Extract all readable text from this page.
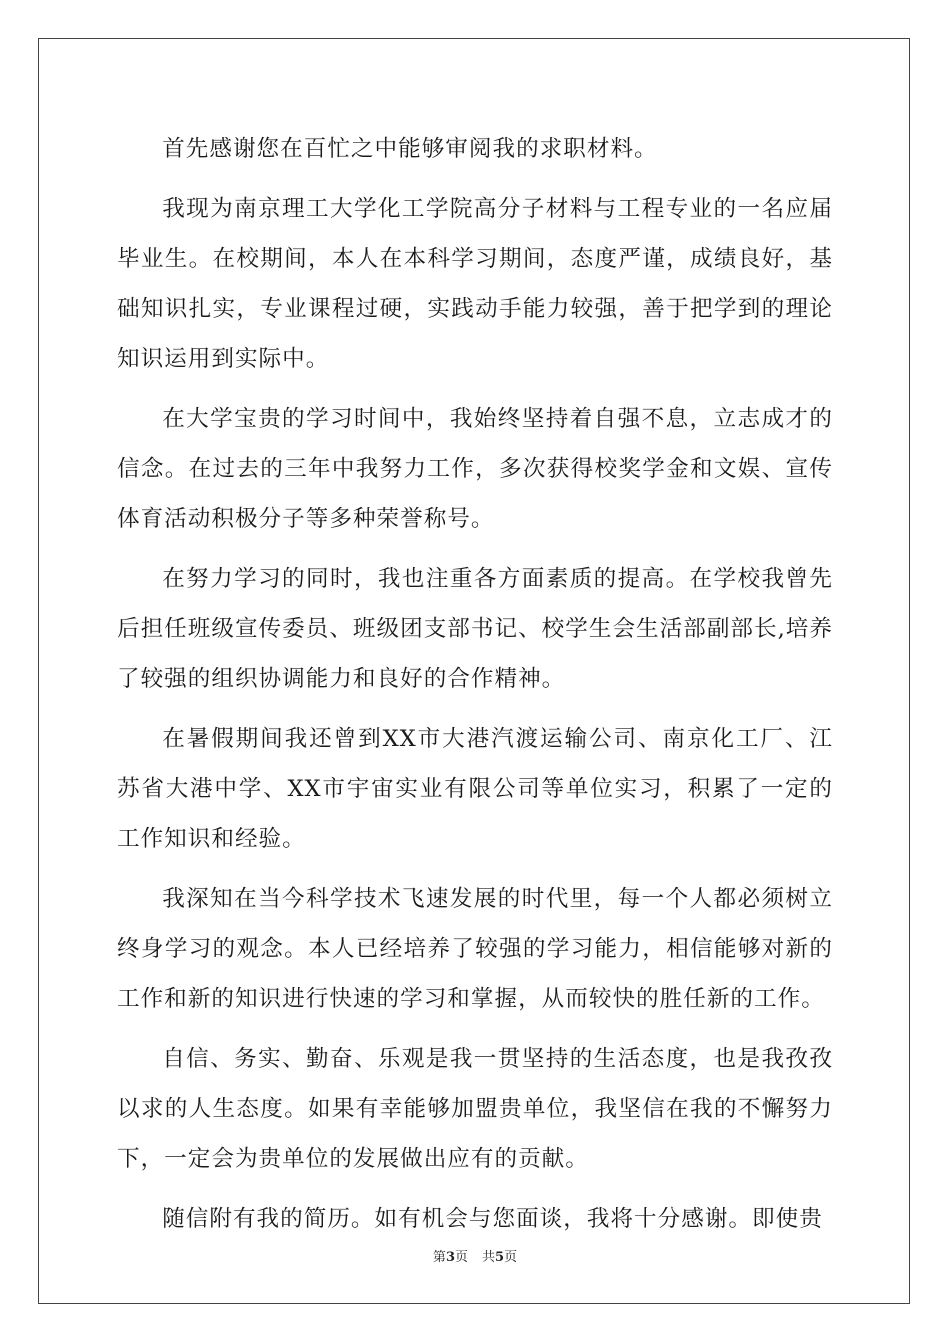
首先感谢您在百忙之中能够审阅我的求职材料。

我现为南京理工大学化工学院高分子材料与工程专业的一名应届毕业生。在校期间，本人在本科学习期间，态度严谨，成绩良好，基础知识扎实，专业课程过硬，实践动手能力较强，善于把学到的理论知识运用到实际中。

在大学宝贵的学习时间中，我始终坚持着自强不息，立志成才的信念。在过去的三年中我努力工作，多次获得校奖学金和文娱、宣传体育活动积极分子等多种荣誉称号。

在努力学习的同时，我也注重各方面素质的提高。在学校我曾先后担任班级宣传委员、班级团支部书记、校学生会生活部副部长,培养了较强的组织协调能力和良好的合作精神。

在暑假期间我还曾到XX市大港汽渡运输公司、南京化工厂、江苏省大港中学、XX市宇宙实业有限公司等单位实习，积累了一定的工作知识和经验。

我深知在当今科学技术飞速发展的时代里，每一个人都必须树立终身学习的观念。本人已经培养了较强的学习能力，相信能够对新的工作和新的知识进行快速的学习和掌握，从而较快的胜任新的工作。

自信、务实、勤奋、乐观是我一贯坚持的生活态度，也是我孜孜以求的人生态度。如果有幸能够加盟贵单位，我坚信在我的不懈努力下，一定会为贵单位的发展做出应有的贡献。

随信附有我的简历。如有机会与您面谈，我将十分感谢。即使贵

第3页 共5页
